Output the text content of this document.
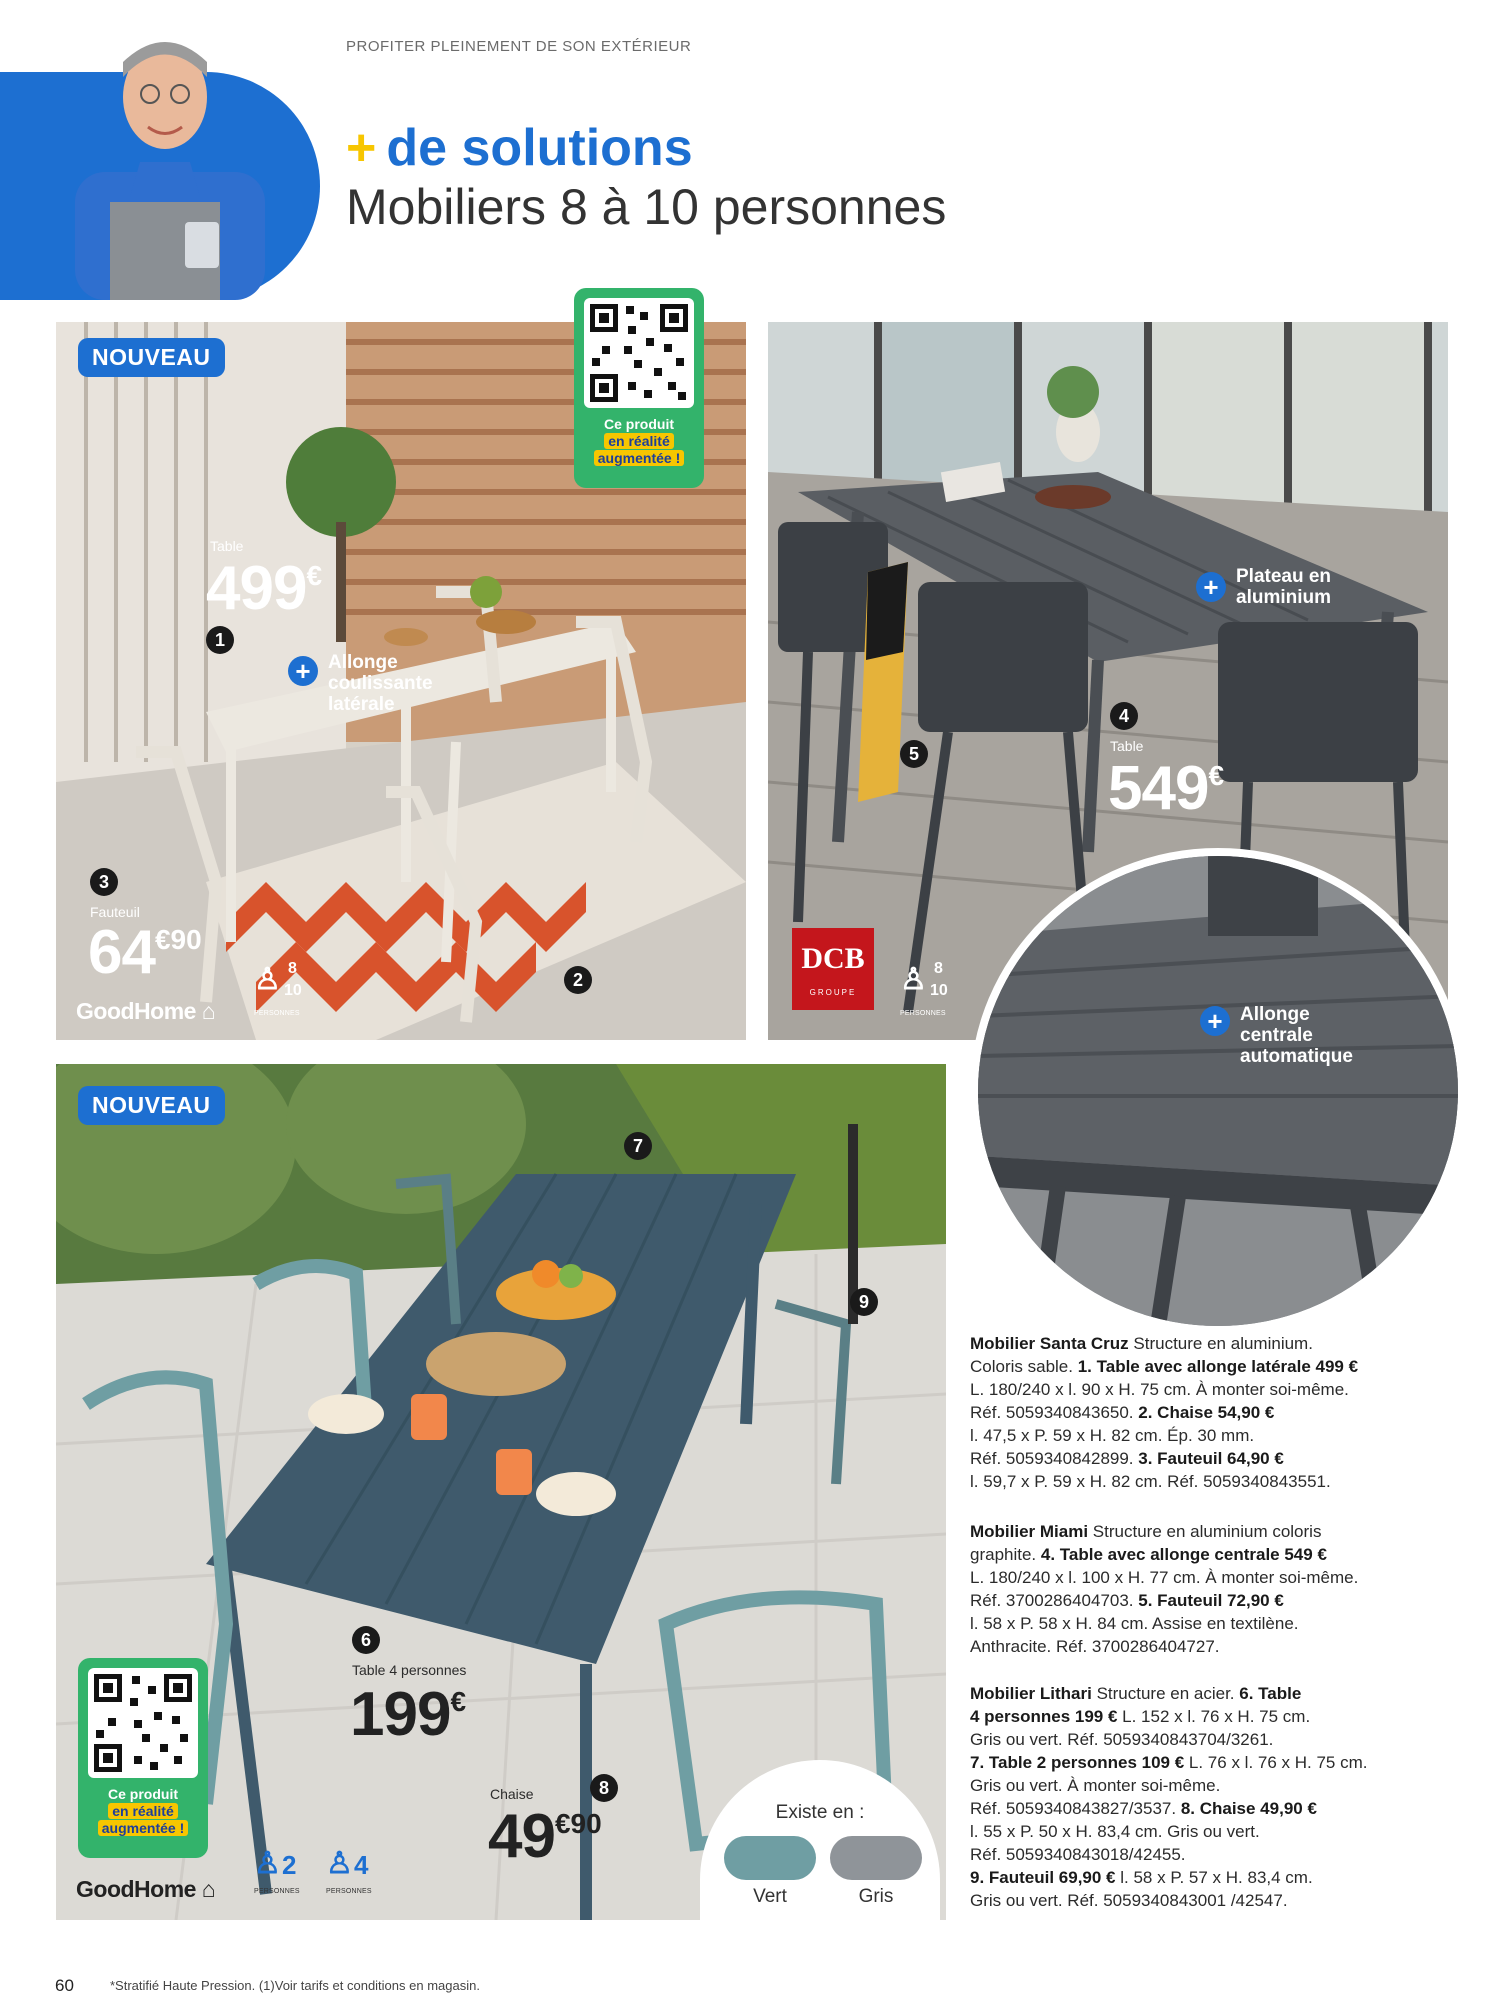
PROFITER PLEINEMENT DE SON EXTÉRIEUR
+ de solutions
Mobiliers 8 à 10 personnes
NOUVEAU
Ce produit
en réalité
augmentée !
Table
499€
1
+ Allonge
coulissante
latérale
3
Fauteuil
64€90
2
GoodHome ⌂
♙ 8
10
PERSONNES
+ Plateau en
aluminium
4
Table
549€
5
DCB
GROUPE	♙ 8
10
PERSONNES	+ Allonge
centrale
automatique
NOUVEAU
7
9
6
Table 4 personnes
199€
8
Chaise
49€90
Ce produit
en réalité
augmentée !
GoodHome ⌂
♙ 2
PERSONNES
♙ 4
PERSONNES
Existe en :
Vert	Gris
Mobilier Santa Cruz Structure en aluminium.
Coloris sable. 1. Table avec allonge latérale 499 €
L. 180/240 x l. 90 x H. 75 cm. À monter soi-même.
Réf. 5059340843650. 2. Chaise 54,90 €
l. 47,5 x P. 59 x H. 82 cm. Ép. 30 mm.
Réf. 5059340842899. 3. Fauteuil 64,90 €
l. 59,7 x P. 59 x H. 82 cm. Réf. 5059340843551.
Mobilier Miami Structure en aluminium coloris
graphite. 4. Table avec allonge centrale 549 €
L. 180/240 x l. 100 x H. 77 cm. À monter soi-même.
Réf. 3700286404703. 5. Fauteuil 72,90 €
l. 58 x P. 58 x H. 84 cm. Assise en textilène.
Anthracite. Réf. 3700286404727.
Mobilier Lithari Structure en acier. 6. Table
4 personnes 199 € L. 152 x l. 76 x H. 75 cm.
Gris ou vert. Réf. 5059340843704/3261.
7. Table 2 personnes 109 € L. 76 x l. 76 x H. 75 cm.
Gris ou vert. À monter soi-même.
Réf. 5059340843827/3537. 8. Chaise 49,90 €
l. 55 x P. 50 x H. 83,4 cm. Gris ou vert.
Réf. 5059340843018/42455.
9. Fauteuil 69,90 € l. 58 x P. 57 x H. 83,4 cm.
Gris ou vert. Réf. 5059340843001 /42547.
60	*Stratifié Haute Pression. (1)Voir tarifs et conditions en magasin.
